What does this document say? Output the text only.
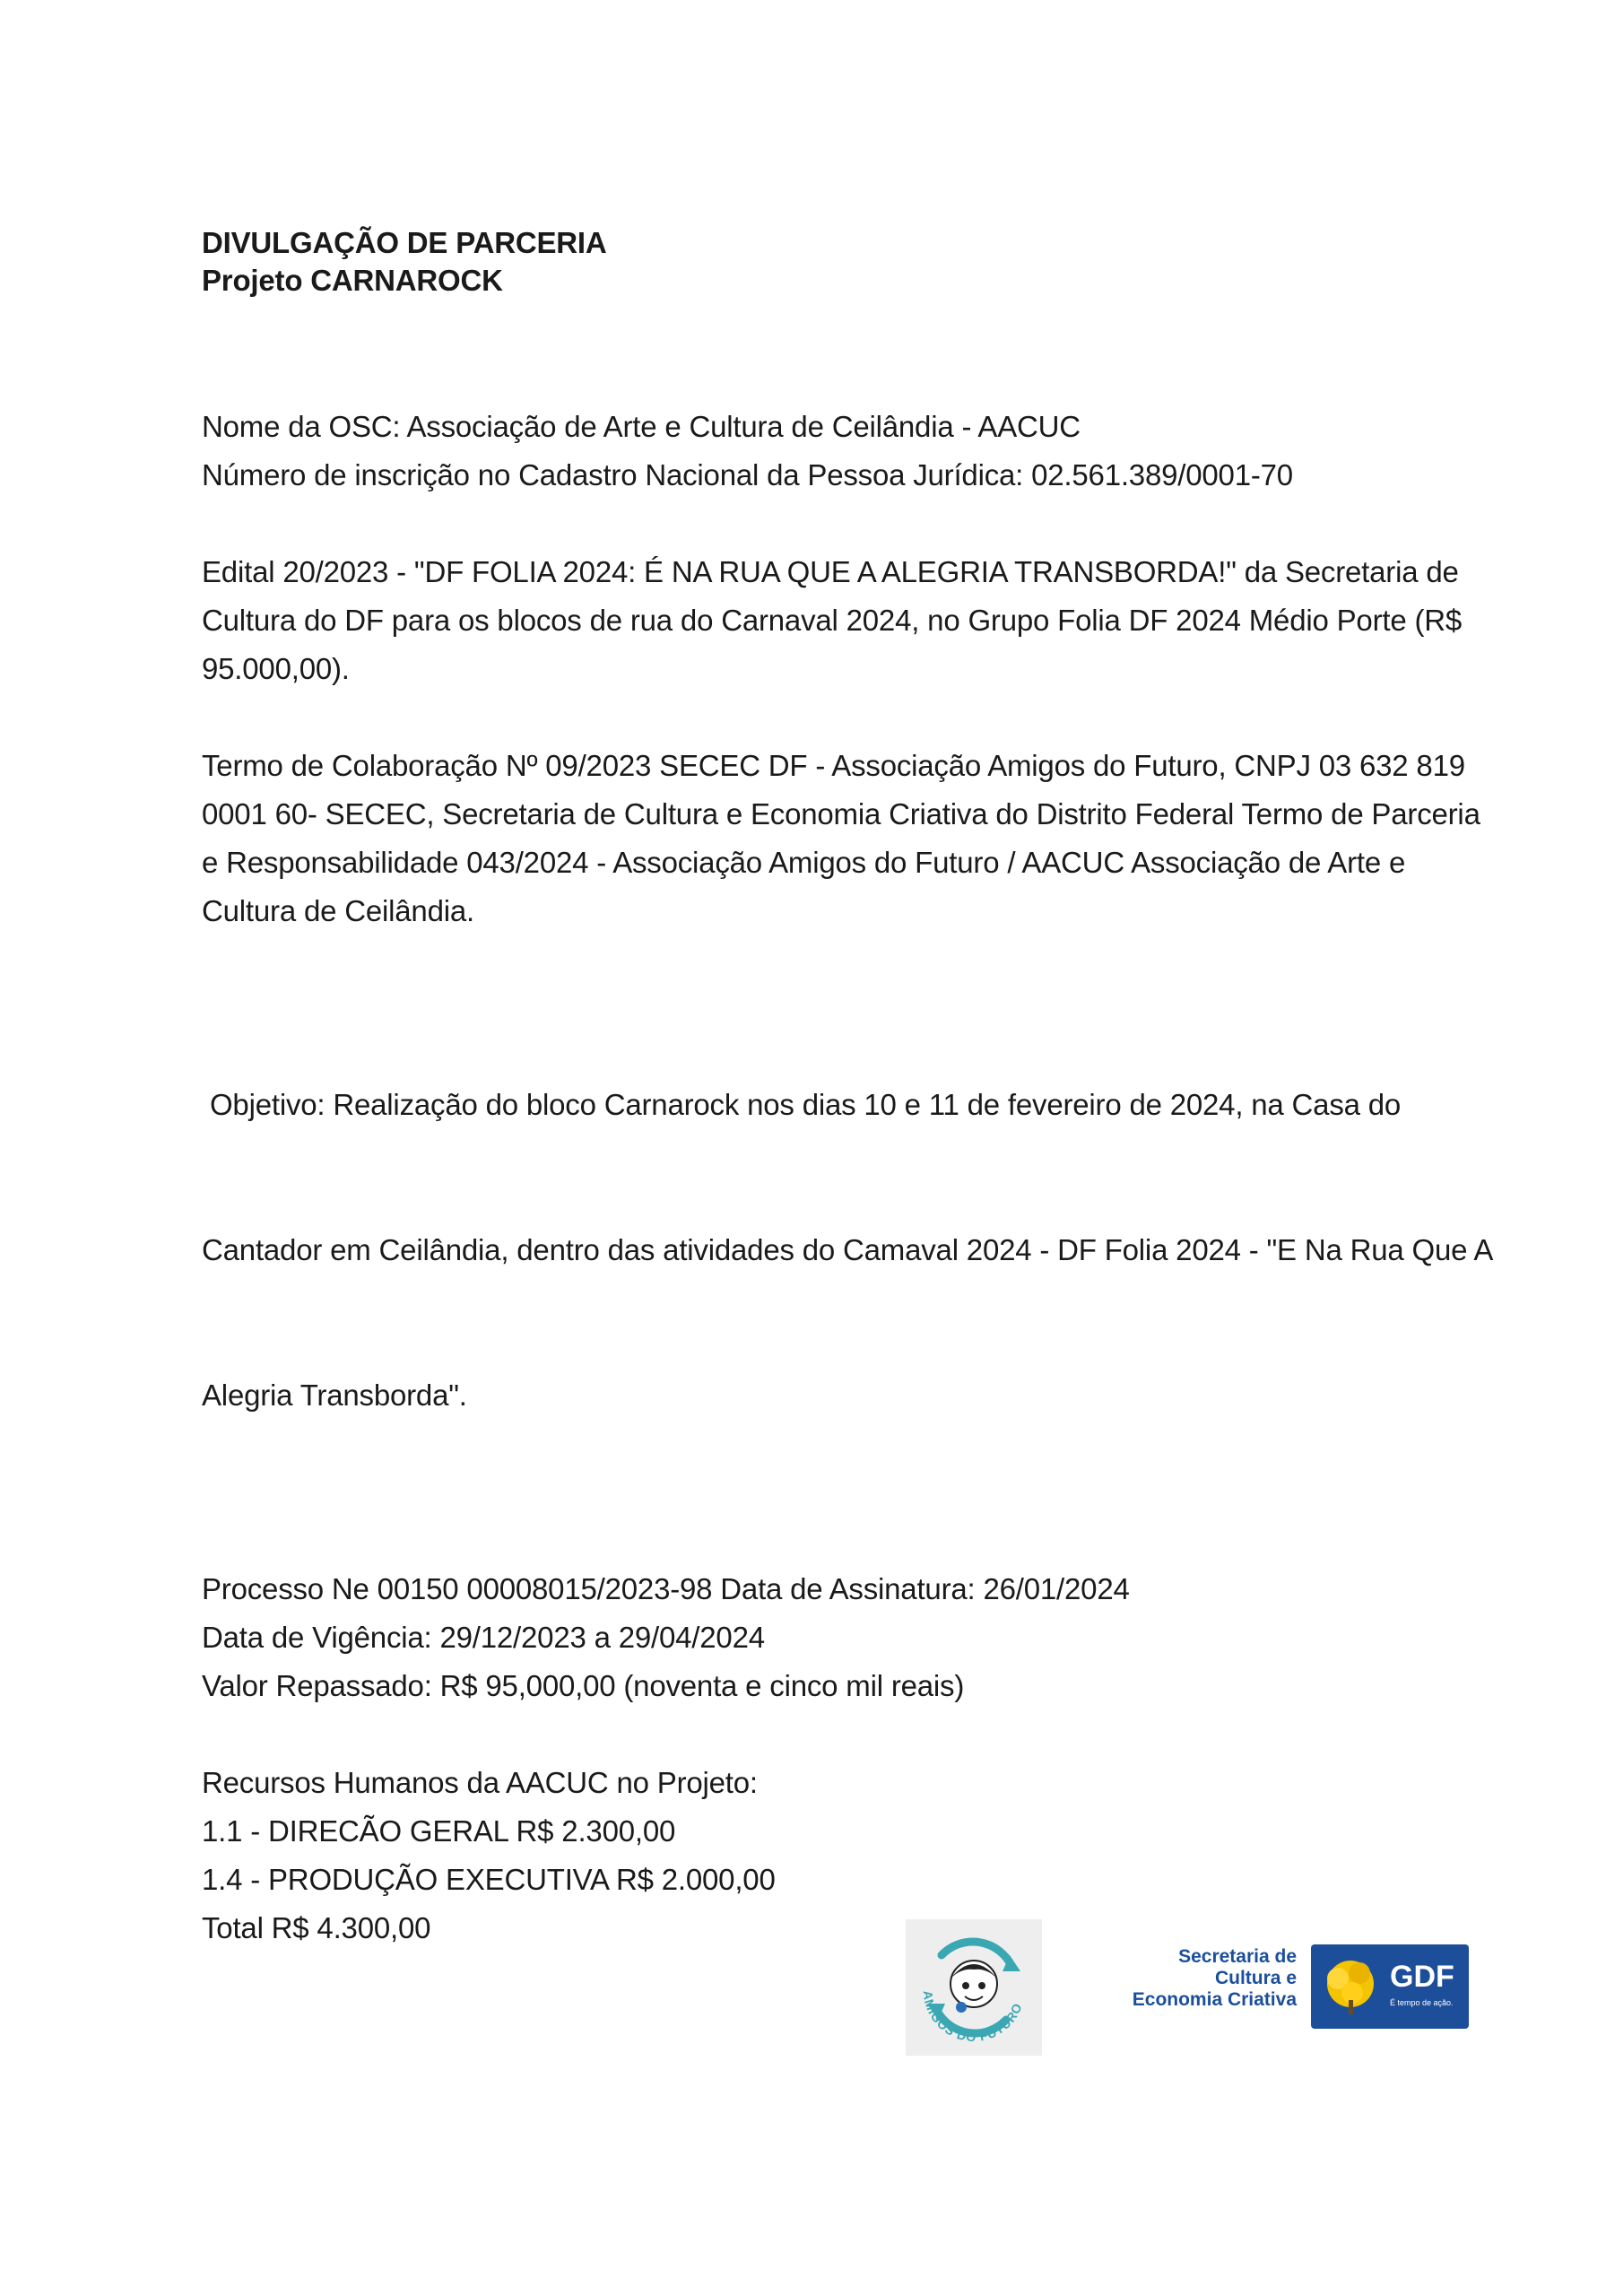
DIVULGAÇÃO DE PARCERIA
Projeto CARNAROCK
Nome da OSC: Associação de Arte e Cultura de Ceilândia - AACUC
Número de inscrição no Cadastro Nacional da Pessoa Jurídica: 02.561.389/0001-70
Edital 20/2023 - "DF FOLIA 2024: É NA RUA QUE A ALEGRIA TRANSBORDA!" da Secretaria de
Cultura do DF para os blocos de rua do Carnaval 2024, no Grupo Folia DF 2024 Médio Porte (R$
95.000,00).
Termo de Colaboração Nº 09/2023 SECEC DF - Associação Amigos do Futuro, CNPJ 03 632 819
0001 60- SECEC, Secretaria de Cultura e Economia Criativa do Distrito Federal Termo de Parceria
e Responsabilidade 043/2024 - Associação Amigos do Futuro / AACUC Associação de Arte e
Cultura de Ceilândia.

Objetivo: Realização do bloco Carnarock nos dias 10 e 11 de fevereiro de 2024, na Casa do

Cantador em Ceilândia, dentro das atividades do Camaval 2024 - DF Folia 2024 - "E Na Rua Que A

Alegria Transborda".

Processo Ne 00150 00008015/2023-98 Data de Assinatura: 26/01/2024
Data de Vigência: 29/12/2023 a 29/04/2024
Valor Repassado: R$ 95,000,00 (noventa e cinco mil reais)
Recursos Humanos da AACUC no Projeto:
1.1 - DIRECÃO GERAL R$ 2.300,00
1.4 - PRODUÇÃO EXECUTIVA R$ 2.000,00
Total R$ 4.300,00
AMIGOS DO FUTURO
Secretaria de
Cultura e
Economia Criativa
GDF
É tempo de ação.
